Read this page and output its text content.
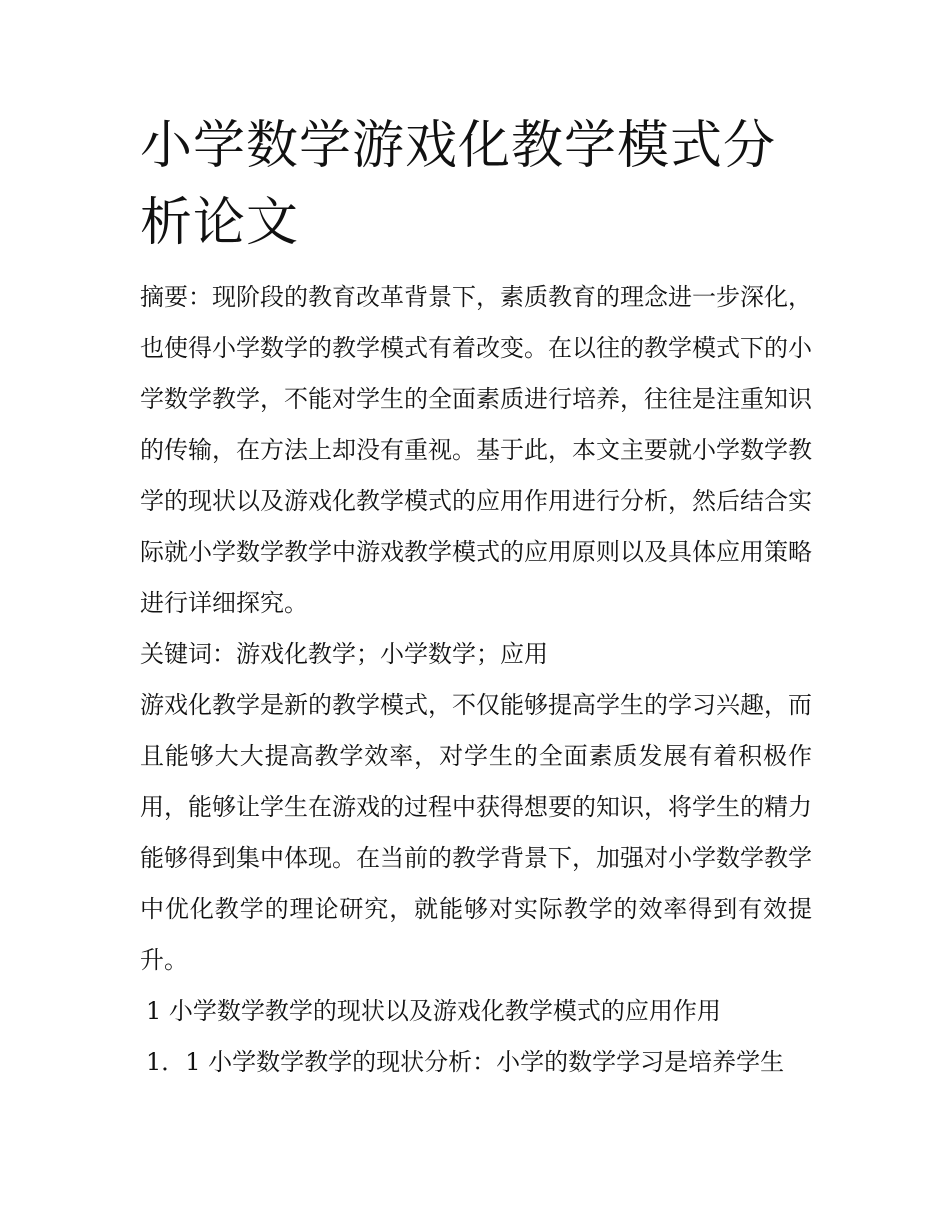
小学数学游戏化教学模式分析论文

摘要：现阶段的教育改革背景下，素质教育的理念进一步深化，也使得小学数学的教学模式有着改变。在以往的教学模式下的小学数学教学，不能对学生的全面素质进行培养，往往是注重知识的传输，在方法上却没有重视。基于此，本文主要就小学数学教学的现状以及游戏化教学模式的应用作用进行分析，然后结合实际就小学数学教学中游戏教学模式的应用原则以及具体应用策略进行详细探究。

关键词：游戏化教学；小学数学；应用

游戏化教学是新的教学模式，不仅能够提高学生的学习兴趣，而且能够大大提高教学效率，对学生的全面素质发展有着积极作用，能够让学生在游戏的过程中获得想要的知识，将学生的精力能够得到集中体现。在当前的教学背景下，加强对小学数学教学中优化教学的理论研究，就能够对实际教学的效率得到有效提升。

1 小学数学教学的现状以及游戏化教学模式的应用作用

1．1 小学数学教学的现状分析：小学的数学学习是培养学生
